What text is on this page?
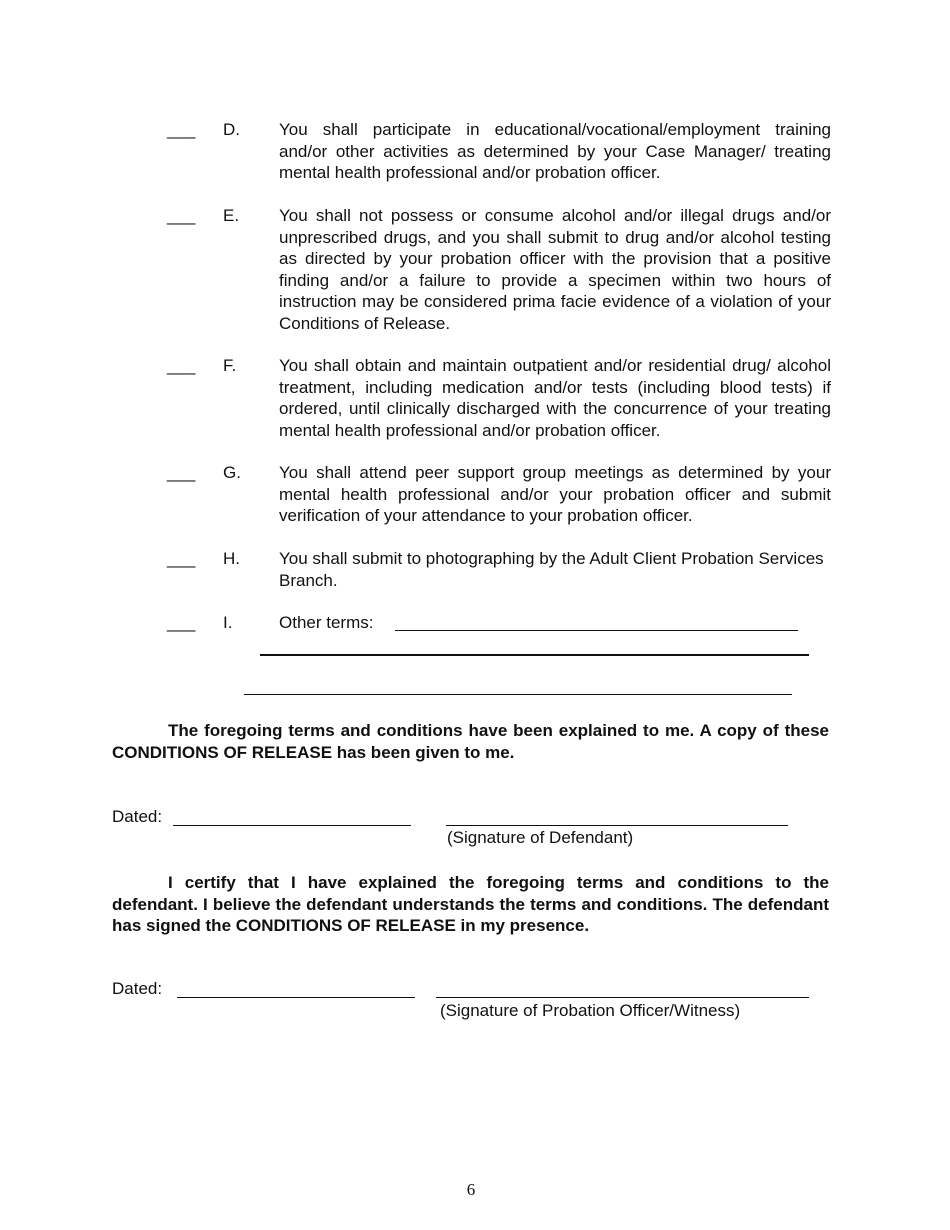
___ D. You shall participate in educational/vocational/employment training and/or other activities as determined by your Case Manager/ treating mental health professional and/or probation officer.
___ E. You shall not possess or consume alcohol and/or illegal drugs and/or unprescribed drugs, and you shall submit to drug and/or alcohol testing as directed by your probation officer with the provision that a positive finding and/or a failure to provide a specimen within two hours of instruction may be considered prima facie evidence of a violation of your Conditions of Release.
___ F.	You shall obtain and maintain outpatient and/or residential drug/ alcohol treatment, including medication and/or tests (including blood tests) if ordered, until clinically discharged with the concurrence of your treating mental health professional and/or probation officer.
___ G. You shall attend peer support group meetings as determined by your mental health professional and/or your probation officer and submit verification of your attendance to your probation officer.
___ H. You shall submit to photographing by the Adult Client Probation Services Branch.
___ I.	Other terms:
The foregoing terms and conditions have been explained to me. A copy of these CONDITIONS OF RELEASE has been given to me.
Dated:
(Signature of Defendant)
I certify that I have explained the foregoing terms and conditions to the defendant. I believe the defendant understands the terms and conditions. The defendant has signed the CONDITIONS OF RELEASE in my presence.
Dated:
(Signature of Probation Officer/Witness)
6
